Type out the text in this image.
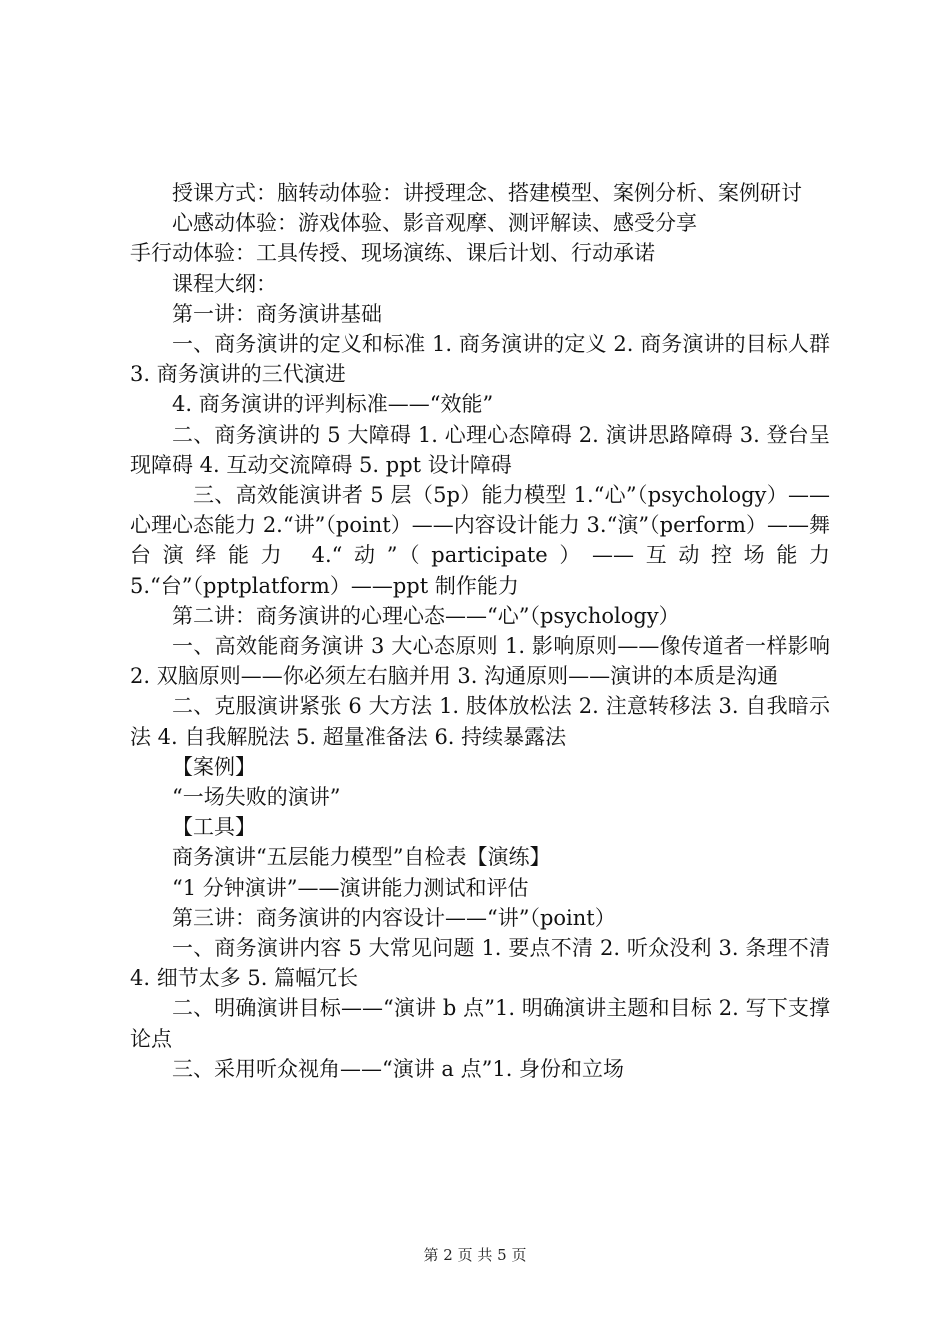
授课方式：脑转动体验：讲授理念、搭建模型、案例分析、案例研讨

心感动体验：游戏体验、影音观摩、测评解读、感受分享

手行动体验：工具传授、现场演练、课后计划、行动承诺

课程大纲：

第一讲：商务演讲基础

一、商务演讲的定义和标准 1. 商务演讲的定义 2. 商务演讲的目标人群 3. 商务演讲的三代演进

4. 商务演讲的评判标准——“效能”

二、商务演讲的 5 大障碍 1. 心理心态障碍 2. 演讲思路障碍 3. 登台呈现障碍 4. 互动交流障碍 5. ppt 设计障碍

三、高效能演讲者 5 层（5p）能力模型 1.“心”（psychology）——心理心态能力 2.“讲”（point）——内容设计能力 3.“演”（perform）——舞台演绎能力 4.“动”（participate）——互动控场能力 5.“台”（pptplatform）——ppt 制作能力

第二讲：商务演讲的心理心态——“心”（psychology）

一、高效能商务演讲 3 大心态原则 1. 影响原则——像传道者一样影响 2. 双脑原则——你必须左右脑并用 3. 沟通原则——演讲的本质是沟通

二、克服演讲紧张 6 大方法 1. 肢体放松法 2. 注意转移法 3. 自我暗示法 4. 自我解脱法 5. 超量准备法 6. 持续暴露法

【案例】

“一场失败的演讲”

【工具】

商务演讲“五层能力模型”自检表【演练】

“1 分钟演讲”——演讲能力测试和评估

第三讲：商务演讲的内容设计——“讲”（point）

一、商务演讲内容 5 大常见问题 1. 要点不清 2. 听众没利 3. 条理不清 4. 细节太多 5. 篇幅冗长

二、明确演讲目标——“演讲 b 点”1. 明确演讲主题和目标 2. 写下支撑论点

三、采用听众视角——“演讲 a 点”1. 身份和立场

第 2 页 共 5 页
